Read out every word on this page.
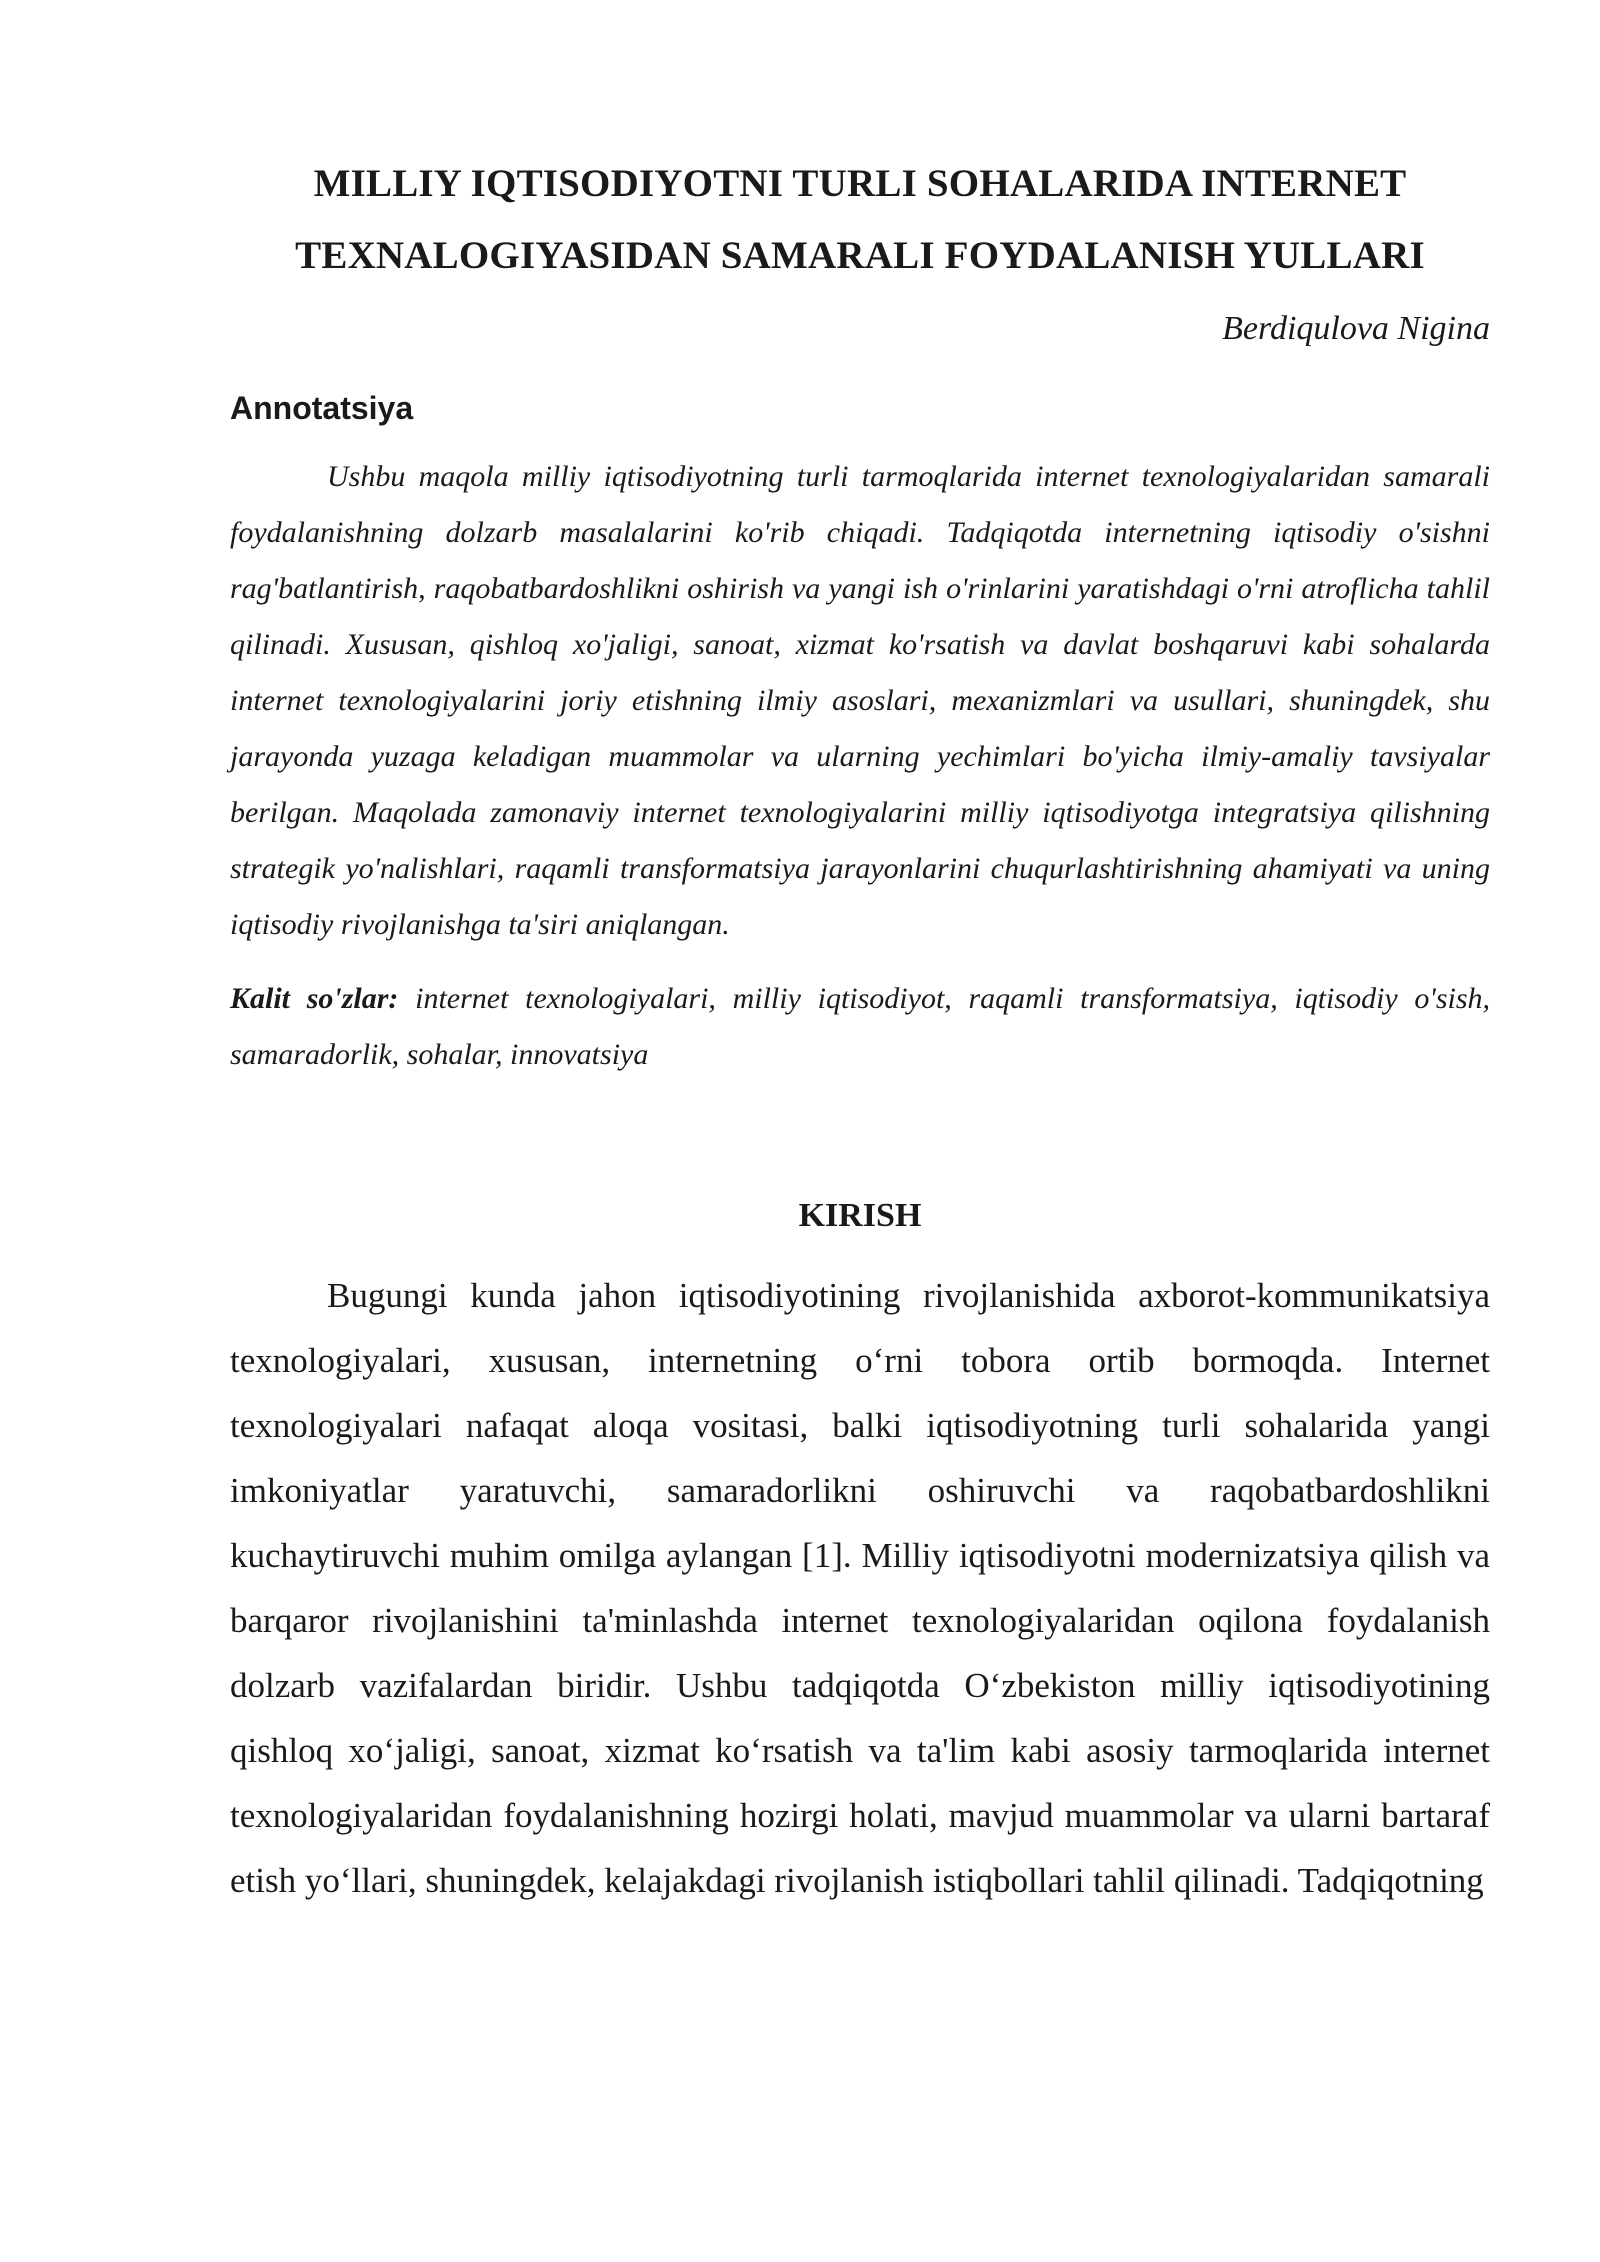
MILLIY IQTISODIYOTNI TURLI SOHALARIDA INTERNET TEXNALOGIYASIDAN SAMARALI FOYDALANISH YULLARI
Berdiqulova Nigina
Annotatsiya

Ushbu maqola milliy iqtisodiyotning turli tarmoqlarida internet texnologiyalaridan samarali foydalanishning dolzarb masalalarini ko'rib chiqadi. Tadqiqotda internetning iqtisodiy o'sishni rag'batlantirish, raqobatbardoshlikni oshirish va yangi ish o'rinlarini yaratishdagi o'rni atroflicha tahlil qilinadi. Xususan, qishloq xo'jaligi, sanoat, xizmat ko'rsatish va davlat boshqaruvi kabi sohalarda internet texnologiyalarini joriy etishning ilmiy asoslari, mexanizmlari va usullari, shuningdek, shu jarayonda yuzaga keladigan muammolar va ularning yechimlari bo'yicha ilmiy-amaliy tavsiyalar berilgan. Maqolada zamonaviy internet texnologiyalarini milliy iqtisodiyotga integratsiya qilishning strategik yo'nalishlari, raqamli transformatsiya jarayonlarini chuqurlashtirishning ahamiyati va uning iqtisodiy rivojlanishga ta'siri aniqlangan.

Kalit so'zlar: internet texnologiyalari, milliy iqtisodiyot, raqamli transformatsiya, iqtisodiy o'sish, samaradorlik, sohalar, innovatsiya

KIRISH

Bugungi kunda jahon iqtisodiyotining rivojlanishida axborot-kommunikatsiya texnologiyalari, xususan, internetning o‘rni tobora ortib bormoqda. Internet texnologiyalari nafaqat aloqa vositasi, balki iqtisodiyotning turli sohalarida yangi imkoniyatlar yaratuvchi, samaradorlikni oshiruvchi va raqobatbardoshlikni kuchaytiruvchi muhim omilga aylangan [1]. Milliy iqtisodiyotni modernizatsiya qilish va barqaror rivojlanishini ta'minlashda internet texnologiyalaridan oqilona foydalanish dolzarb vazifalardan biridir. Ushbu tadqiqotda O‘zbekiston milliy iqtisodiyotining qishloq xo‘jaligi, sanoat, xizmat ko‘rsatish va ta'lim kabi asosiy tarmoqlarida internet texnologiyalaridan foydalanishning hozirgi holati, mavjud muammolar va ularni bartaraf etish yo‘llari, shuningdek, kelajakdagi rivojlanish istiqbollari tahlil qilinadi. Tadqiqotning
